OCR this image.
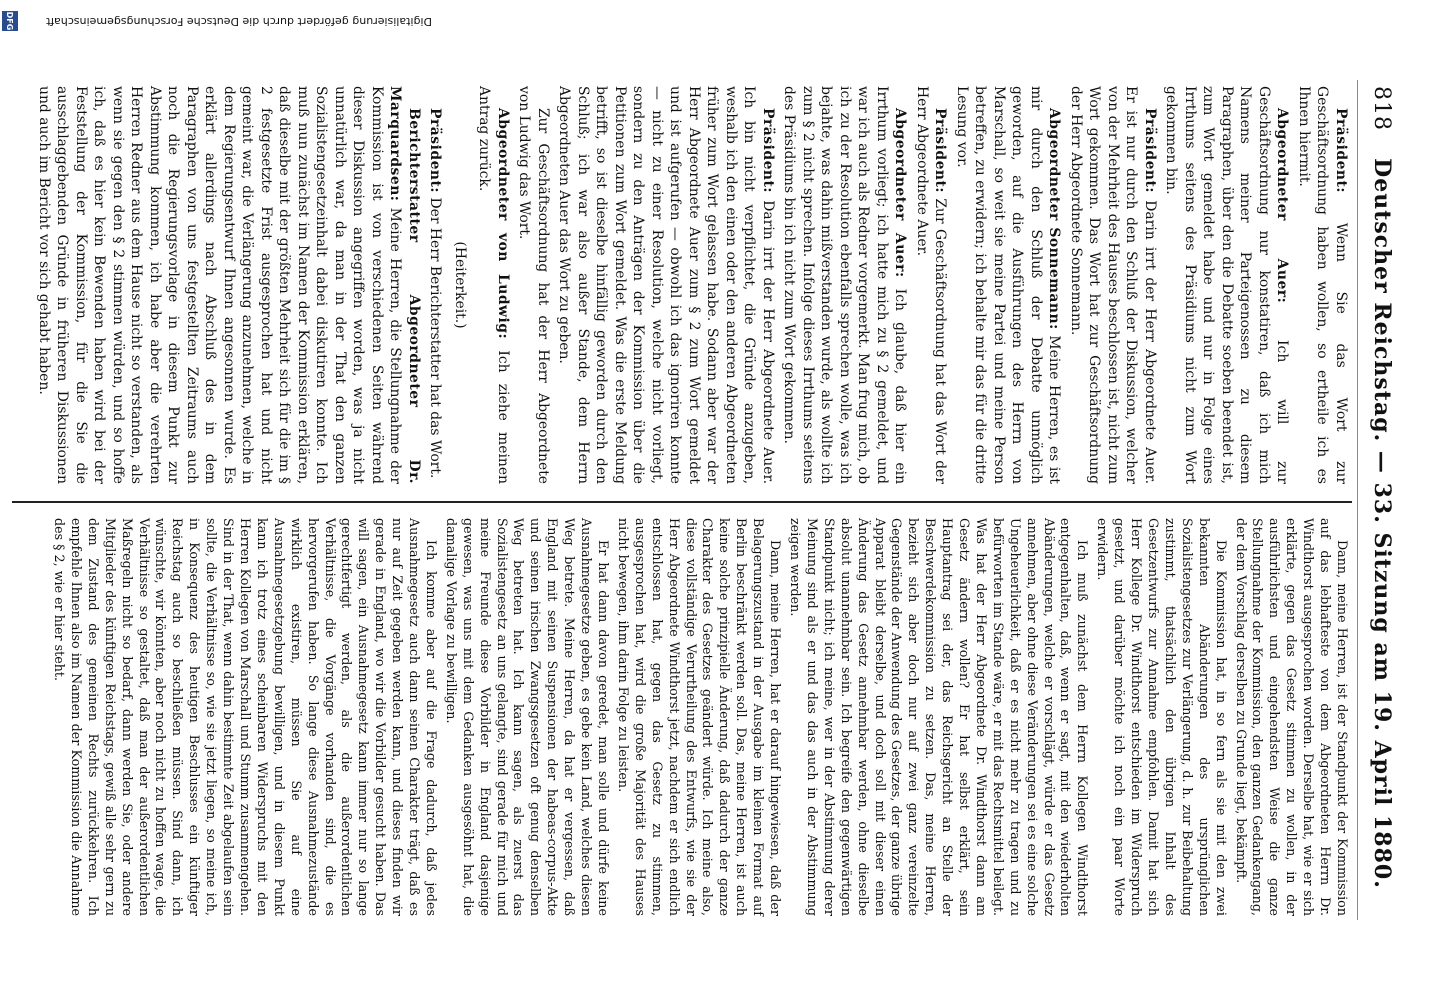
818
Deutscher Reichstag. — 33. Sitzung am 19. April 1880.

Präsident: Wenn Sie das Wort zur Geschäftsordnung haben wollen, so ertheile ich es Ihnen hiermit.

Abgeordneter Auer: Ich will zur Geschäftsordnung nur konstatiren, daß ich mich Namens meiner Parteigenossen zu diesem Paragraphen, über den die Debatte soeben beendet ist, zum Wort gemeldet habe und nur in Folge eines Irrthums seitens des Präsidiums nicht zum Wort gekommen bin.

Präsident: Darin irrt der Herr Abgeordnete Auer. Er ist nur durch den Schluß der Diskussion, welcher von der Mehrheit des Hauses beschlossen ist, nicht zum Wort gekommen. Das Wort hat zur Geschäftsordnung der Herr Abgeordnete Sonnemann.

Abgeordneter Sonnemann: Meine Herren, es ist mir durch den Schluß der Debatte unmöglich geworden, auf die Ausführungen des Herrn von Marschall, so weit sie meine Partei und meine Person betreffen, zu erwidern; ich behalte mir das für die dritte Lesung vor.

Präsident: Zur Geschäftsordnung hat das Wort der Herr Abgeordnete Auer.

Abgeordneter Auer: Ich glaube, daß hier ein Irrthum vorliegt; ich hatte mich zu § 2 gemeldet, und war ich auch als Redner vorgemerkt. Man frug mich, ob ich zu der Resolution ebenfalls sprechen wolle, was ich bejahte, was dahin mißverstanden wurde, als wollte ich zum § 2 nicht sprechen. Infolge dieses Irrthums seitens des Präsidiums bin ich nicht zum Wort gekommen.

Präsident: Darin irrt der Herr Abgeordnete Auer. Ich bin nicht verpflichtet, die Gründe anzugeben, weshalb ich den einen oder den anderen Abgeordneten früher zum Wort gelassen habe. Sodann aber war der Herr Abgeordnete Auer zum § 2 zum Wort gemeldet und ist aufgerufen — obwohl ich das ignoriren konnte — nicht zu einer Resolution, welche nicht vorliegt, sondern zu den Anträgen der Kommission über die Petitionen zum Wort gemeldet. Was die erste Meldung betrifft, so ist dieselbe hinfällig geworden durch den Schluß; ich war also außer Stande, dem Herrn Abgeordneten Auer das Wort zu geben.

Zur Geschäftsordnung hat der Herr Abgeordnete von Ludwig das Wort.

Abgeordneter von Ludwig: Ich ziehe meinen Antrag zurück.

(Heiterkeit.)

Präsident: Der Herr Berichterstatter hat das Wort.

Berichterstatter Abgeordneter Dr. Marquardsen: Meine Herren, die Stellungnahme der Kommission ist von verschiedenen Seiten während dieser Diskussion angegriffen worden, was ja nicht unnatürlich war, da man in der That den ganzen Sozialistengesetzeinhalt dabei diskutiren konnte. Ich muß nun zunächst im Namen der Kommission erklären, daß dieselbe mit der größten Mehrheit sich für die im § 2 festgesetzte Frist ausgesprochen hat und nicht gemeint war, die Verlängerung anzunehmen, welche in dem Regierungsentwurf Ihnen angesonnen wurde. Es erklärt allerdings nach Abschluß des in dem Paragraphen von uns festgestellten Zeitraums auch noch die Regierungsvorlage in diesem Punkt zur Abstimmung kommen, ich habe aber die verehrten Herren Redner aus dem Hause nicht so verstanden, als wenn sie gegen den § 2 stimmen würden, und so hoffe ich, daß es hier kein Bewenden haben wird bei der Feststellung der Kommission, für die Sie die ausschlaggebenden Gründe in früheren Diskussionen und auch im Bericht vor sich gehabt haben.

Dann, meine Herren, ist der Standpunkt der Kommission auf das lebhafteste von dem Abgeordneten Herrn Dr. Windthorst ausgesprochen worden. Derselbe hat, wie er sich erklärte, gegen das Gesetz stimmen zu wollen, in der ausführlichsten und eingehendsten Weise die ganze Stellungnahme der Kommission, den ganzen Gedankengang, der dem Vorschlag derselben zu Grunde liegt, bekämpft.

Die Kommission hat, in so fern als sie mit den zwei bekannten Abänderungen des ursprünglichen Sozialistengesetzes zur Verlängerung, d. h. zur Beibehaltung zustimmt, thatsächlich den übrigen Inhalt des Gesetzentwurfs zur Annahme empfohlen. Damit hat sich Herr Kollege Dr. Windthorst entschieden im Widerspruch gesetzt, und darüber möchte ich noch ein paar Worte erwidern.

Ich muß zunächst dem Herrn Kollegen Windthorst entgegenhalten, daß, wenn er sagt, mit den wiederholten Abänderungen, welche er vorschlägt, würde er das Gesetz annehmen, aber ohne diese Veränderungen sei es eine solche Ungeheuerlichkeit, daß er es nicht mehr zu tragen und zu befürworten im Stande wäre, er mit das Rechtsmittel beilegt. Was hat der Herr Abgeordnete Dr. Windthorst dann am Gesetz ändern wollen? Er hat selbst erklärt, sein Hauptantrag sei der, das Reichsgericht an Stelle der Beschwerdekommission zu setzen. Das, meine Herren, bezieht sich aber doch nur auf zwei ganz vereinzelte Gegenstände der Anwendung des Gesetzes, der ganze übrige Apparat bleibt derselbe, und doch soll mit dieser einen Änderung das Gesetz annehmbar werden, ohne dieselbe absolut unannehmbar sein. Ich begreife den gegenwärtigen Standpunkt nicht; ich meine, wer in der Abstimmung derer Meinung sind als er und das das auch in der Abstimmung zeigen werden.

Dann, meine Herren, hat er darauf hingewiesen, daß der Belagerungszustand in der Ausgabe im kleinen Format auf Berlin beschränkt werden soll. Das, meine Herren, ist auch keine solche prinzipielle Änderung, daß dadurch der ganze Charakter des Gesetzes geändert würde. Ich meine also, diese vollständige Verurtheilung des Entwurfs, wie sie der Herr Abgeordnete Windthorst jetzt, nachdem er sich endlich entschlossen hat, gegen das Gesetz zu stimmen, ausgesprochen hat, wird die große Majorität des Hauses nicht bewegen, ihm darin Folge zu leisten.

Er hat dann davon geredet, man solle und dürfe keine Ausnahmegesetze geben, es gebe kein Land, welches diesen Weg betrete. Meine Herren, da hat er vergessen, daß England mit seinen Suspensionen der habeas-corpus-Akte und seinen irischen Zwangsgesetzen oft genug denselben Weg betreten hat. Ich kann sagen, als zuerst das Sozialistengesetz an uns gelangte, sind gerade für mich und meine Freunde diese Vorbilder in England dasjenige gewesen, was uns mit dem Gedanken ausgesöhnt hat, die damalige Vorlage zu bewilligen.

Ich komme aber auf die Frage dadurch, daß jedes Ausnahmegesetz auch dann seinen Charakter trägt, daß es nur auf Zeit gegeben werden kann, und dieses finden wir gerade in England, wo wir die Vorbilder gesucht haben. Das will sagen, ein Ausnahmegesetz kann immer nur so lange gerechtfertigt werden, als die außerordentlichen Verhältnisse, die Vorgänge vorhanden sind, die es hervorgerufen haben. So lange diese Ausnahmezustände wirklich existiren, müssen Sie auf eine Ausnahmegesetzgebung bewilligen, und in diesem Punkt kann ich trotz eines scheinbaren Widerspruchs mit den Herren Kollegen von Marschall und Stumm zusammengehen. Sind in der That, wenn dahin bestimmte Zeit abgelaufen sein sollte, die Verhältnisse so, wie sie jetzt liegen, so meine ich, in Konsequenz des heutigen Beschlusses ein künftiger Reichstag auch so beschließen müssen. Sind dann, ich wünschte, wir könnten, aber noch nicht zu hoffen wage, die Verhältnisse so gestaltet, daß man der außerordentlichen Maßregeln nicht so bedarf, dann werden Sie, oder andere Mitglieder des künftigen Reichstags, gewiß alle sehr gern zu dem Zustand des gemeinen Rechts zurückkehren. Ich empfehle Ihnen also im Namen der Kommission die Annahme des § 2, wie er hier steht.

Digitalisierung gefördert durch die Deutsche Forschungsgemeinschaft
DFG
